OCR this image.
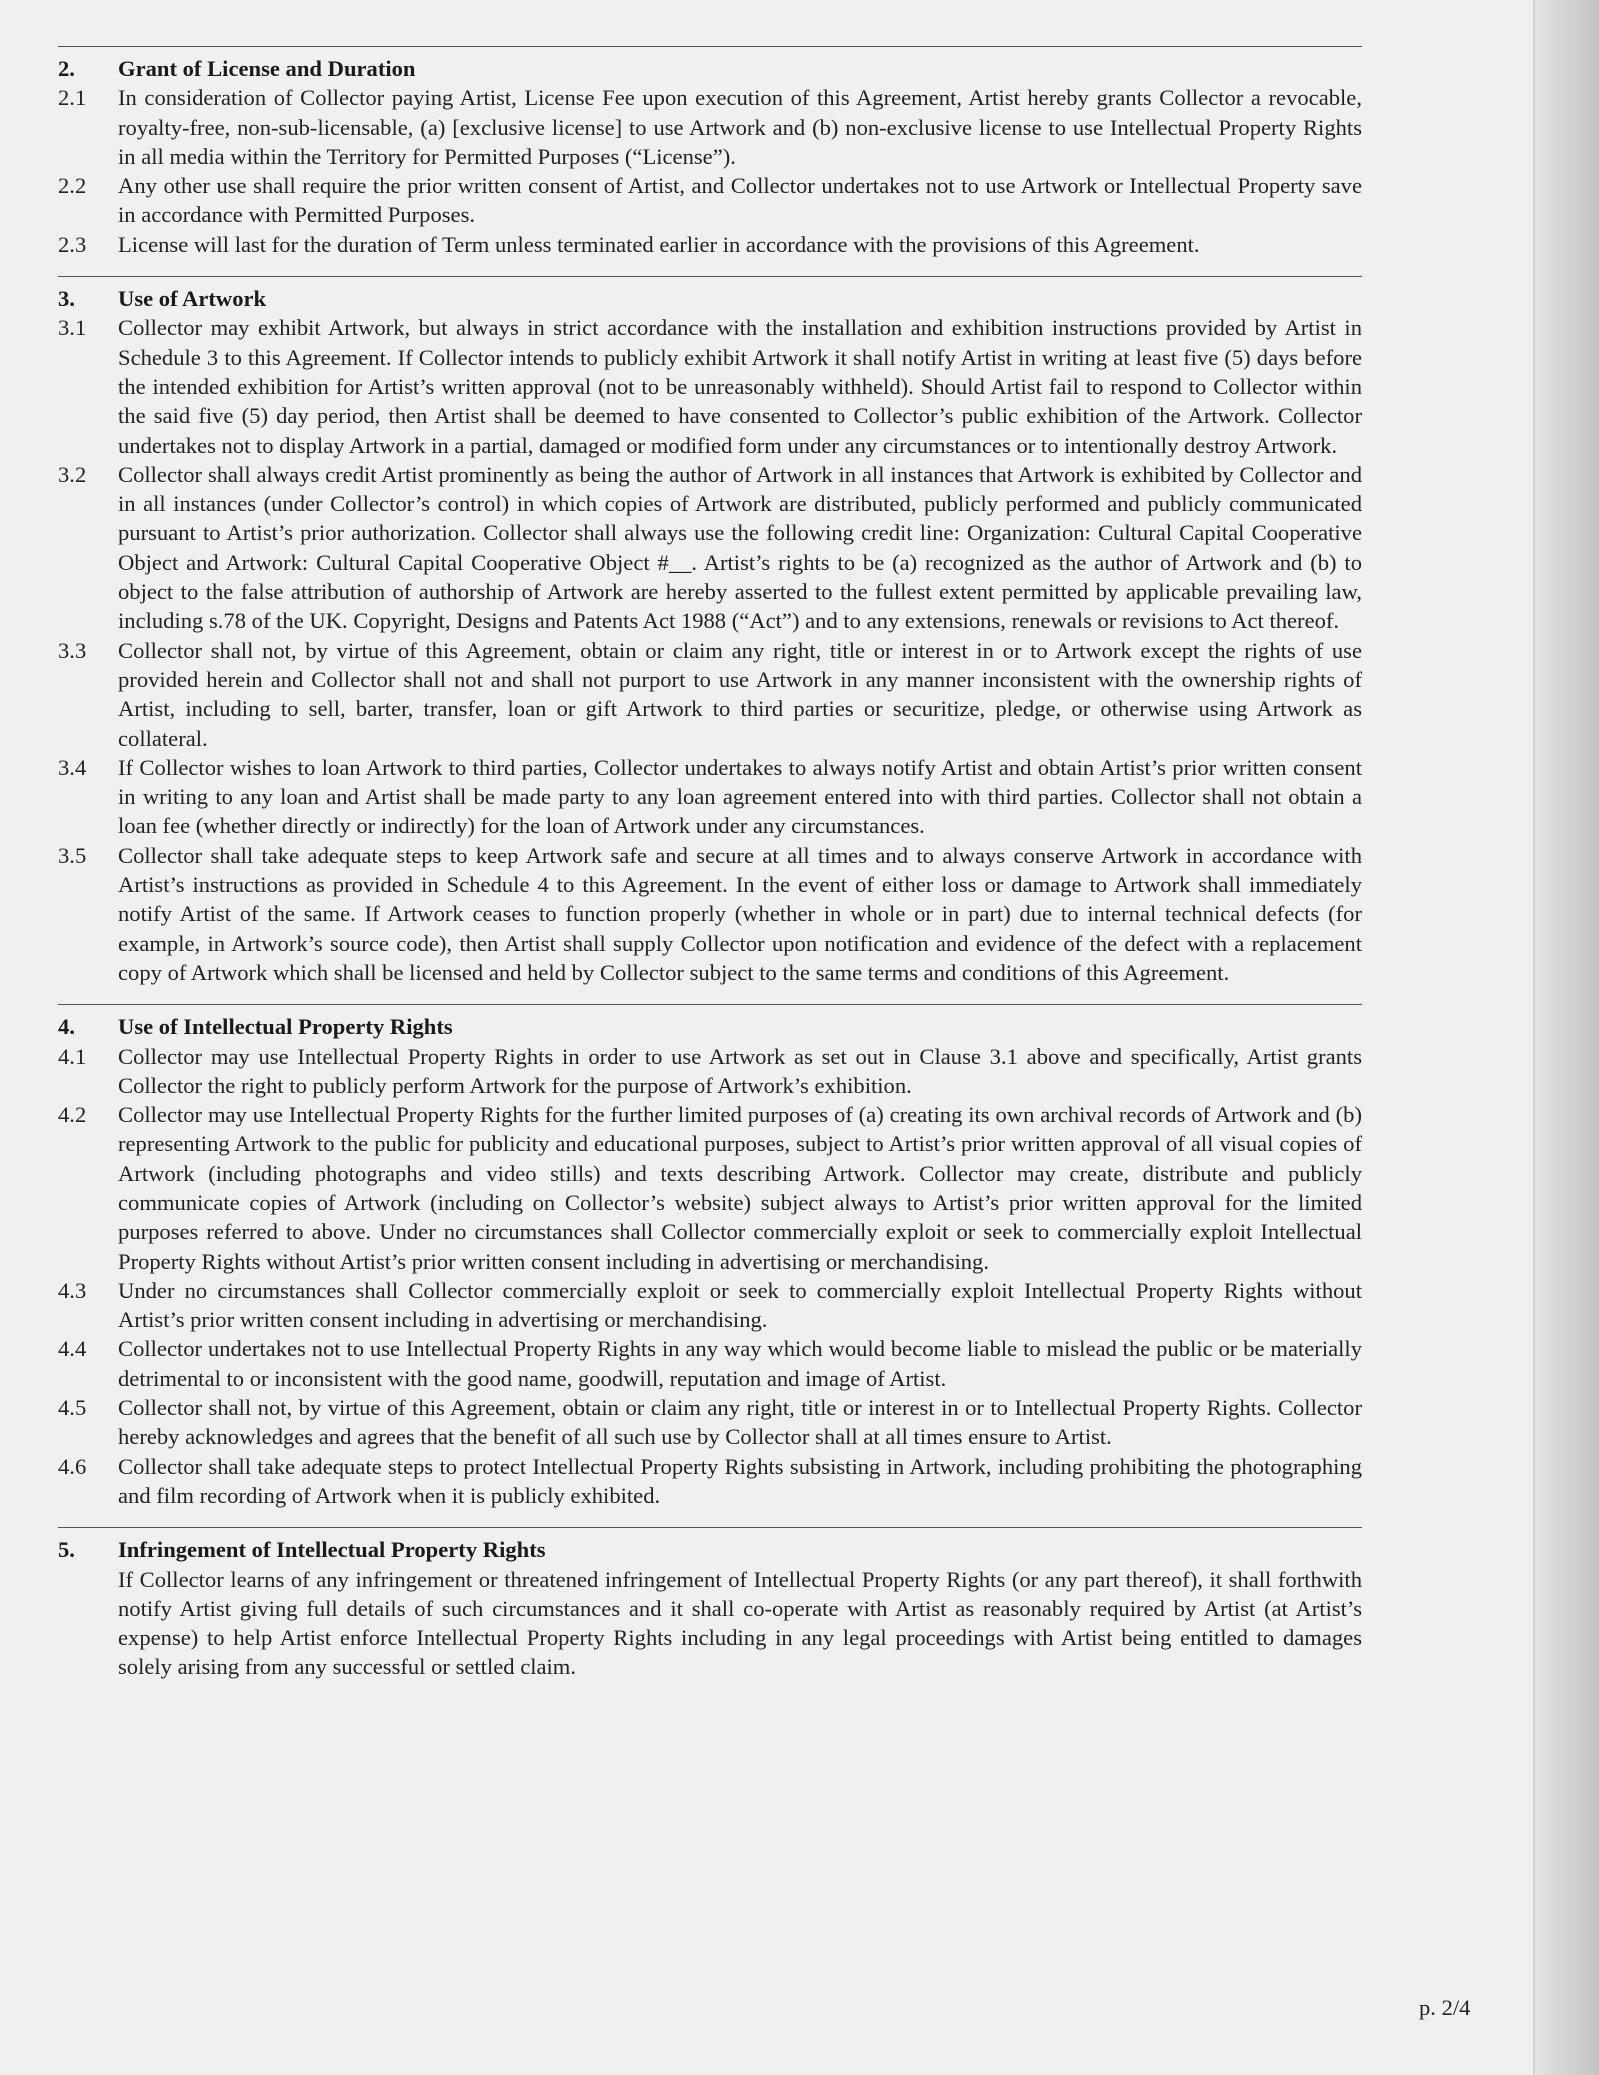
2.	Grant of License and Duration
2.1	In consideration of Collector paying Artist, License Fee upon execution of this Agreement, Artist hereby grants Collector a revocable, royalty-free, non-sub-licensable, (a) [exclusive license] to use Artwork and (b) non-exclusive license to use Intellectual Property Rights in all media within the Territory for Permitted Purposes (“License”).
2.2	Any other use shall require the prior written consent of Artist, and Collector undertakes not to use Artwork or Intellectual Property save in accordance with Permitted Purposes.
2.3	License will last for the duration of Term unless terminated earlier in accordance with the provisions of this Agreement.
3.	Use of Artwork
3.1	Collector may exhibit Artwork, but always in strict accordance with the installation and exhibition instructions provided by Artist in Schedule 3 to this Agreement. If Collector intends to publicly exhibit Artwork it shall notify Artist in writing at least five (5) days before the intended exhibition for Artist’s written approval (not to be unreasonably withheld). Should Artist fail to respond to Collector within the said five (5) day period, then Artist shall be deemed to have consented to Collector’s public exhibition of the Artwork. Collector undertakes not to display Artwork in a partial, damaged or modified form under any circumstances or to intentionally destroy Artwork.
3.2	Collector shall always credit Artist prominently as being the author of Artwork in all instances that Artwork is exhibited by Collector and in all instances (under Collector’s control) in which copies of Artwork are distributed, publicly performed and publicly communicated pursuant to Artist’s prior authorization. Collector shall always use the following credit line: Organization: Cultural Capital Cooperative Object and Artwork: Cultural Capital Cooperative Object #__. Artist’s rights to be (a) recognized as the author of Artwork and (b) to object to the false attribution of authorship of Artwork are hereby asserted to the fullest extent permitted by applicable prevailing law, including s.78 of the UK. Copyright, Designs and Patents Act 1988 (“Act”) and to any extensions, renewals or revisions to Act thereof.
3.3	Collector shall not, by virtue of this Agreement, obtain or claim any right, title or interest in or to Artwork except the rights of use provided herein and Collector shall not and shall not purport to use Artwork in any manner inconsistent with the ownership rights of Artist, including to sell, barter, transfer, loan or gift Artwork to third parties or securitize, pledge, or otherwise using Artwork as collateral.
3.4	If Collector wishes to loan Artwork to third parties, Collector undertakes to always notify Artist and obtain Artist’s prior written consent in writing to any loan and Artist shall be made party to any loan agreement entered into with third parties. Collector shall not obtain a loan fee (whether directly or indirectly) for the loan of Artwork under any circumstances.
3.5	Collector shall take adequate steps to keep Artwork safe and secure at all times and to always conserve Artwork in accordance with Artist’s instructions as provided in Schedule 4 to this Agreement. In the event of either loss or damage to Artwork shall immediately notify Artist of the same. If Artwork ceases to function properly (whether in whole or in part) due to internal technical defects (for example, in Artwork’s source code), then Artist shall supply Collector upon notification and evidence of the defect with a replacement copy of Artwork which shall be licensed and held by Collector subject to the same terms and conditions of this Agreement.
4.	Use of Intellectual Property Rights
4.1	Collector may use Intellectual Property Rights in order to use Artwork as set out in Clause 3.1 above and specifically, Artist grants Collector the right to publicly perform Artwork for the purpose of Artwork’s exhibition.
4.2	Collector may use Intellectual Property Rights for the further limited purposes of (a) creating its own archival records of Artwork and (b) representing Artwork to the public for publicity and educational purposes, subject to Artist’s prior written approval of all visual copies of Artwork (including photographs and video stills) and texts describing Artwork. Collector may create, distribute and publicly communicate copies of Artwork (including on Collector’s website) subject always to Artist’s prior written approval for the limited purposes referred to above. Under no circumstances shall Collector commercially exploit or seek to commercially exploit Intellectual Property Rights without Artist’s prior written consent including in advertising or merchandising.
4.3	Under no circumstances shall Collector commercially exploit or seek to commercially exploit Intellectual Property Rights without Artist’s prior written consent including in advertising or merchandising.
4.4	Collector undertakes not to use Intellectual Property Rights in any way which would become liable to mislead the public or be materially detrimental to or inconsistent with the good name, goodwill, reputation and image of Artist.
4.5	Collector shall not, by virtue of this Agreement, obtain or claim any right, title or interest in or to Intellectual Property Rights. Collector hereby acknowledges and agrees that the benefit of all such use by Collector shall at all times ensure to Artist.
4.6	Collector shall take adequate steps to protect Intellectual Property Rights subsisting in Artwork, including prohibiting the photographing and film recording of Artwork when it is publicly exhibited.
5.	Infringement of Intellectual Property Rights
If Collector learns of any infringement or threatened infringement of Intellectual Property Rights (or any part thereof), it shall forthwith notify Artist giving full details of such circumstances and it shall co-operate with Artist as reasonably required by Artist (at Artist’s expense) to help Artist enforce Intellectual Property Rights including in any legal proceedings with Artist being entitled to damages solely arising from any successful or settled claim.
p. 2/4
